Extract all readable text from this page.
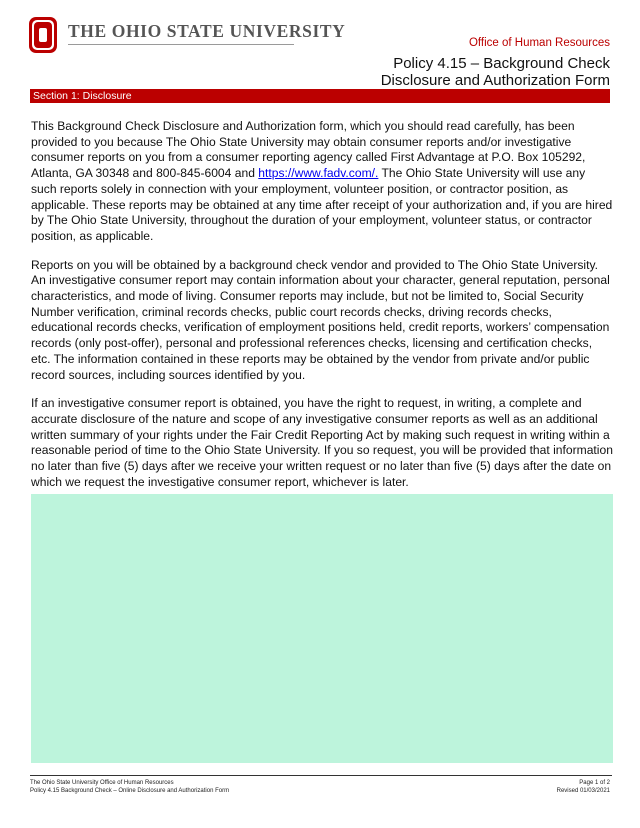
THE OHIO STATE UNIVERSITY
Office of Human Resources
Policy 4.15 – Background Check
Disclosure and Authorization Form
Section 1: Disclosure

This Background Check Disclosure and Authorization form, which you should read carefully, has been provided to you because The Ohio State University may obtain consumer reports and/or investigative consumer reports on you from a consumer reporting agency called First Advantage at P.O. Box 105292, Atlanta, GA 30348 and 800-845-6004 and https://www.fadv.com/. The Ohio State University will use any such reports solely in connection with your employment, volunteer position, or contractor position, as applicable. These reports may be obtained at any time after receipt of your authorization and, if you are hired by The Ohio State University, throughout the duration of your employment, volunteer status, or contractor position, as applicable.

Reports on you will be obtained by a background check vendor and provided to The Ohio State University. An investigative consumer report may contain information about your character, general reputation, personal characteristics, and mode of living. Consumer reports may include, but not be limited to, Social Security Number verification, criminal records checks, public court records checks, driving records checks, educational records checks, verification of employment positions held, credit reports, workers’ compensation records (only post-offer), personal and professional references checks, licensing and certification checks, etc. The information contained in these reports may be obtained by the vendor from private and/or public record sources, including sources identified by you.

If an investigative consumer report is obtained, you have the right to request, in writing, a complete and accurate disclosure of the nature and scope of any investigative consumer reports as well as an additional written summary of your rights under the Fair Credit Reporting Act by making such request in writing within a reasonable period of time to the Ohio State University. If you so request, you will be provided that information no later than five (5) days after we receive your written request or no later than five (5) days after the date on which we request the investigative consumer report, whichever is later.

The Ohio State University Office of Human Resources
Policy 4.15 Background Check – Online Disclosure and Authorization Form
Page 1 of 2
Revised 01/03/2021
